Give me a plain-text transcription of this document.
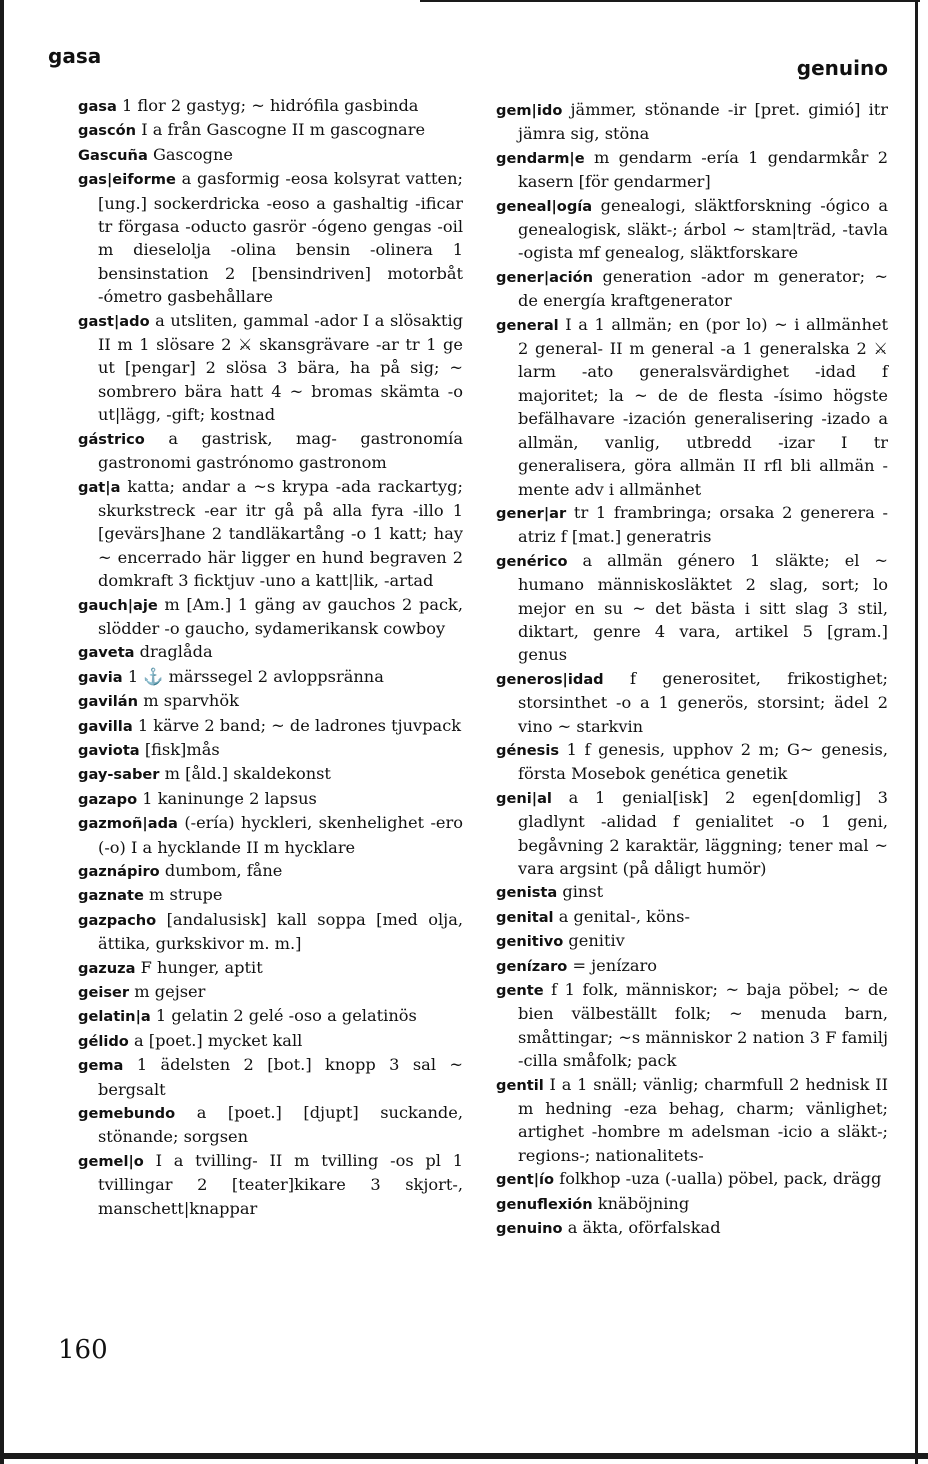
gasa	genuino

gasa 1 flor 2 gastyg; ~ hidrófila gasbinda

gascón I a från Gascogne II m gascognare

Gascuña Gascogne

gas|eiforme a gasformig -eosa kolsyrat vatten; [ung.] sockerdricka -eoso a gashaltig -ificar tr förgasa -oducto gasrör -ógeno gengas -oil m dieselolja -olina bensin -olinera 1 bensinstation 2 [bensindriven] motorbåt -ómetro gasbehållare

gast|ado a utsliten, gammal -ador I a slösaktig II m 1 slösare 2 ⚔ skansgrävare -ar tr 1 ge ut [pengar] 2 slösa 3 bära, ha på sig; ~ sombrero bära hatt 4 ~ bromas skämta -o ut|lägg, -gift; kostnad

gástrico a gastrisk, mag- gastronomía gastronomi gastrónomo gastronom

gat|a katta; andar a ~s krypa -ada rackartyg; skurkstreck -ear itr gå på alla fyra -illo 1 [gevärs]hane 2 tandläkartång -o 1 katt; hay ~ encerrado här ligger en hund begraven 2 domkraft 3 ficktjuv -uno a katt|lik, -artad

gauch|aje m [Am.] 1 gäng av gauchos 2 pack, slödder -o gaucho, sydamerikansk cowboy

gaveta draglåda

gavia 1 ⚓ märssegel 2 avloppsränna

gavilán m sparvhök

gavilla 1 kärve 2 band; ~ de ladrones tjuvpack

gaviota [fisk]mås

gay-saber m [åld.] skaldekonst

gazapo 1 kaninunge 2 lapsus

gazmoñ|ada (-ería) hyckleri, skenhelighet -ero (-o) I a hycklande II m hycklare

gaznápiro dumbom, fåne

gaznate m strupe

gazpacho [andalusisk] kall soppa [med olja, ättika, gurkskivor m. m.]

gazuza F hunger, aptit

geiser m gejser

gelatin|a 1 gelatin 2 gelé -oso a gelatinös

gélido a [poet.] mycket kall

gema 1 ädelsten 2 [bot.] knopp 3 sal ~ bergsalt

gemebundo a [poet.] [djupt] suckande, stönande; sorgsen

gemel|o I a tvilling- II m tvilling -os pl 1 tvillingar 2 [teater]kikare 3 skjort-, manschett|knappar

gem|ido jämmer, stönande -ir [pret. gimió] itr jämra sig, stöna

gendarm|e m gendarm -ería 1 gendarmkår 2 kasern [för gendarmer]

geneal|ogía genealogi, släktforskning -ógico a genealogisk, släkt-; árbol ~ stam|träd, -tavla -ogista mf genealog, släktforskare

gener|ación generation -ador m generator; ~ de energía kraftgenerator

general I a 1 allmän; en (por lo) ~ i allmänhet 2 general- II m general -a 1 generalska 2 ⚔ larm -ato generalsvärdighet -idad f majoritet; la ~ de de flesta -ísimo högste befälhavare -ización generalisering -izado a allmän, vanlig, utbredd -izar I tr generalisera, göra allmän II rfl bli allmän -mente adv i allmänhet

gener|ar tr 1 frambringa; orsaka 2 generera -atriz f [mat.] generatris

genérico a allmän género 1 släkte; el ~ humano människosläktet 2 slag, sort; lo mejor en su ~ det bästa i sitt slag 3 stil, diktart, genre 4 vara, artikel 5 [gram.] genus

generos|idad f generositet, frikostighet; storsinthet -o a 1 generös, storsint; ädel 2 vino ~ starkvin

génesis 1 f genesis, upphov 2 m; G~ genesis, första Mosebok genética genetik

geni|al a 1 genial[isk] 2 egen[domlig] 3 gladlynt -alidad f genialitet -o 1 geni, begåvning 2 karaktär, läggning; tener mal ~ vara argsint (på dåligt humör)

genista ginst

genital a genital-, köns-

genitivo genitiv

genízaro = jenízaro

gente f 1 folk, människor; ~ baja pöbel; ~ de bien välbeställt folk; ~ menuda barn, småttingar; ~s människor 2 nation 3 F familj -cilla småfolk; pack

gentil I a 1 snäll; vänlig; charmfull 2 hednisk II m hedning -eza behag, charm; vänlighet; artighet -hombre m adelsman -icio a släkt-; regions-; nationalitets-

gent|ío folkhop -uza (-ualla) pöbel, pack, drägg

genuflexión knäböjning

genuino a äkta, oförfalskad

160
